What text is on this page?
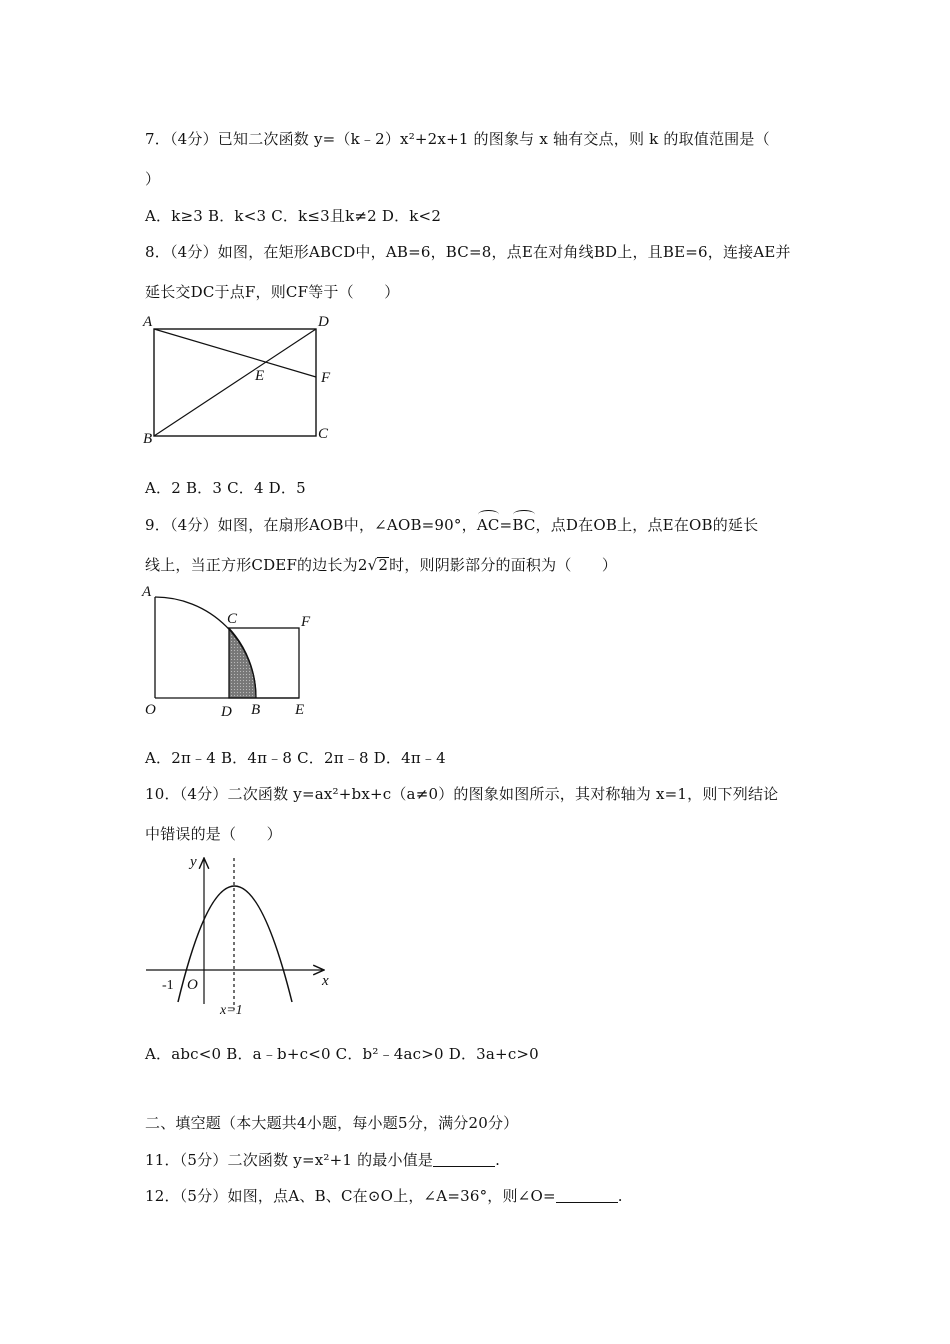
7．（4分）已知二次函数 y=（k﹣2）x²+2x+1 的图象与 x 轴有交点，则 k 的取值范围是（
）
A．k≥3 B．k<3 C．k≤3且k≠2 D．k<2
8．（4分）如图，在矩形ABCD中，AB=6，BC=8，点E在对角线BD上，且BE=6，连接AE并
延长交DC于点F，则CF等于（　　）
A	D
E	F
B	C
A．2 B．3 C．4 D．5
9．（4分）如图，在扇形AOB中，∠AOB=90°，AC=BC，点D在OB上，点E在OB的延长
线上，当正方形CDEF的边长为2√2时，则阴影部分的面积为（　　）
A
C	F
O	D B E
A．2π﹣4 B．4π﹣8 C．2π﹣8 D．4π﹣4
10．（4分）二次函数 y=ax²+bx+c（a≠0）的图象如图所示，其对称轴为 x=1，则下列结论
中错误的是（　　）
y
x
-1 O
x=1
A．abc<0 B．a﹣b+c<0 C．b²﹣4ac>0 D．3a+c>0
二、填空题（本大题共4小题，每小题5分，满分20分）
11．（5分）二次函数 y=x²+1 的最小值是	.
12．（5分）如图，点A、B、C在⊙O上，∠A=36°，则∠O=	.
